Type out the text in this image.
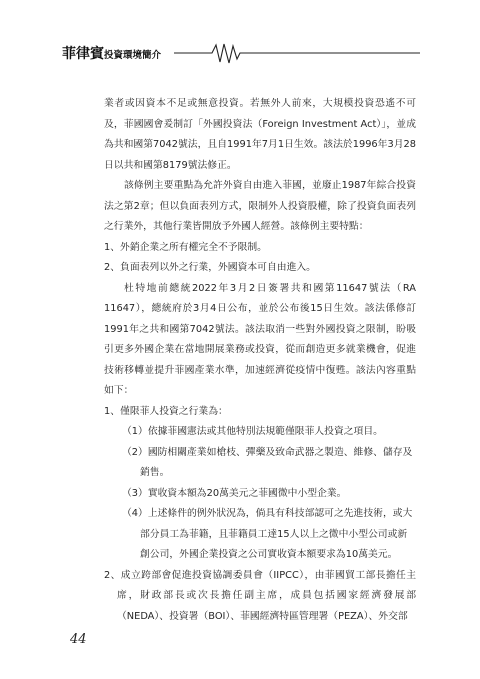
菲律賓投資環境簡介

業者或因資本不足或無意投資。若無外人前來，大規模投資恐遙不可及，菲國國會爰制訂「外國投資法（Foreign Investment Act）」，並成為共和國第7042號法，且自1991年7月1日生效。該法於1996年3月28日以共和國第8179號法修正。

該條例主要重點為允許外資自由進入菲國，並廢止1987年綜合投資法之第2章；但以負面表列方式，限制外人投資股權，除了投資負面表列之行業外，其他行業皆開放予外國人經營。該條例主要特點：

1、外銷企業之所有權完全不予限制。

2、負面表列以外之行業，外國資本可自由進入。

杜特地前總統2022年3月2日簽署共和國第11647號法（RA 11647），總統府於3月4日公布，並於公布後15日生效。該法係修訂1991年之共和國第7042號法。該法取消一些對外國投資之限制，盼吸引更多外國企業在當地開展業務或投資，從而創造更多就業機會，促進技術移轉並提升菲國產業水準，加速經濟從疫情中復甦。該法內容重點如下：

1、僅限菲人投資之行業為：

（1）依據菲國憲法或其他特別法規範僅限菲人投資之項目。

（2）國防相關產業如槍枝、彈藥及致命武器之製造、維修、儲存及銷售。

（3）實收資本額為20萬美元之菲國微中小型企業。

（4）上述條件的例外狀況為，倘具有科技部認可之先進技術，或大部分員工為菲籍，且菲籍員工達15人以上之微中小型公司或新創公司，外國企業投資之公司實收資本額要求為10萬美元。

2、成立跨部會促進投資協調委員會（IIPCC），由菲國貿工部長擔任主席，財政部長或次長擔任副主席，成員包括國家經濟發展部（NEDA）、投資署（BOI）、菲國經濟特區管理署（PEZA）、外交部

44
